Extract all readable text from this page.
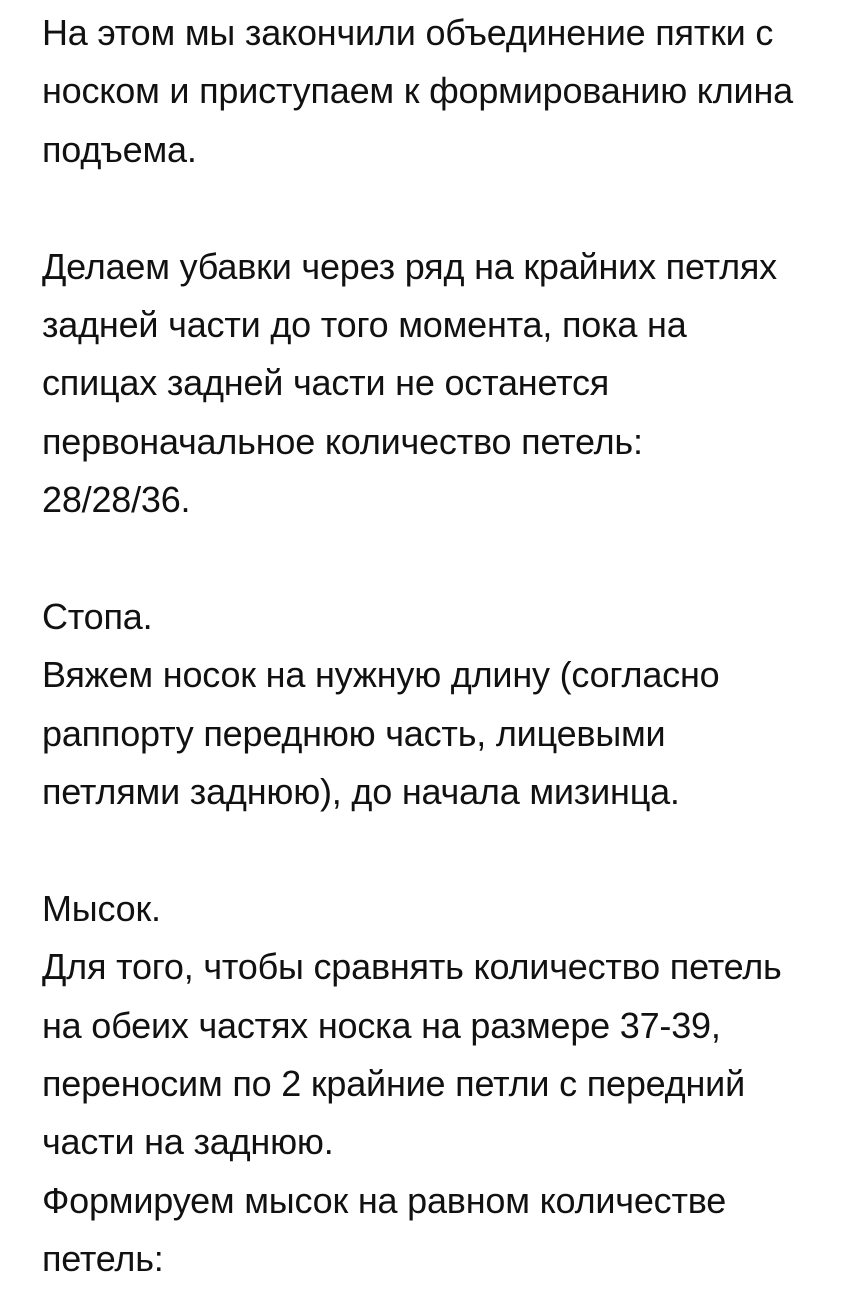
На этом мы закончили объединение пятки с
носком и приступаем к формированию клина
подъема.
Делаем убавки через ряд на крайних петлях
задней части до того момента, пока на
спицах задней части не останется
первоначальное количество петель:
28/28/36.
Стопа.
Вяжем носок на нужную длину (согласно
раппорту переднюю часть, лицевыми
петлями заднюю), до начала мизинца.
Мысок.
Для того, чтобы сравнять количество петель
на обеих частях носка на размере 37-39,
переносим по 2 крайние петли с передний
части на заднюю.
Формируем мысок на равном количестве
петель:
